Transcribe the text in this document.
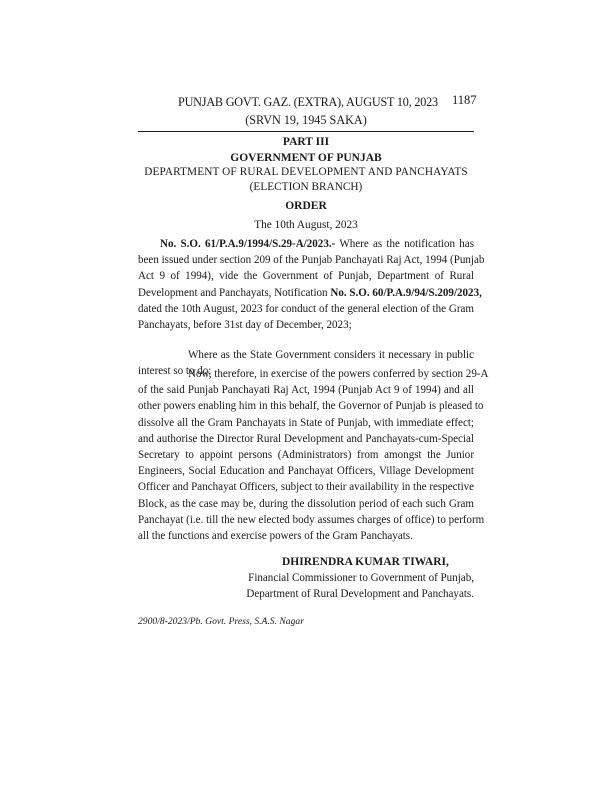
PUNJAB GOVT. GAZ. (EXTRA), AUGUST 10, 2023	1187
(SRVN 19, 1945 SAKA)
PART III
GOVERNMENT OF PUNJAB
DEPARTMENT OF RURAL DEVELOPMENT AND PANCHAYATS
(ELECTION BRANCH)
ORDER
The 10th August, 2023
No. S.O. 61/P.A.9/1994/S.29-A/2023.- Where as the notification has
been issued under section 209 of the Punjab Panchayati Raj Act, 1994 (Punjab
Act 9 of 1994), vide the Government of Punjab, Department of Rural
Development and Panchayats, Notification No. S.O. 60/P.A.9/94/S.209/2023,
dated the 10th August, 2023 for conduct of the general election of the Gram
Panchayats, before 31st day of December, 2023;
Where as the State Government considers it necessary in public
interest so to do;
Now, therefore, in exercise of the powers conferred by section 29-A
of the said Punjab Panchayati Raj Act, 1994 (Punjab Act 9 of 1994) and all
other powers enabling him in this behalf, the Governor of Punjab is pleased to
dissolve all the Gram Panchayats in State of Punjab, with immediate effect;
and authorise the Director Rural Development and Panchayats-cum-Special
Secretary to appoint persons (Administrators) from amongst the Junior
Engineers, Social Education and Panchayat Officers, Village Development
Officer and Panchayat Officers, subject to their availability in the respective
Block, as the case may be, during the dissolution period of each such Gram
Panchayat (i.e. till the new elected body assumes charges of office) to perform
all the functions and exercise powers of the Gram Panchayats.
DHIRENDRA KUMAR TIWARI,
Financial Commissioner to Government of Punjab,
Department of Rural Development and Panchayats.
2900/8-2023/Pb. Govt. Press, S.A.S. Nagar
